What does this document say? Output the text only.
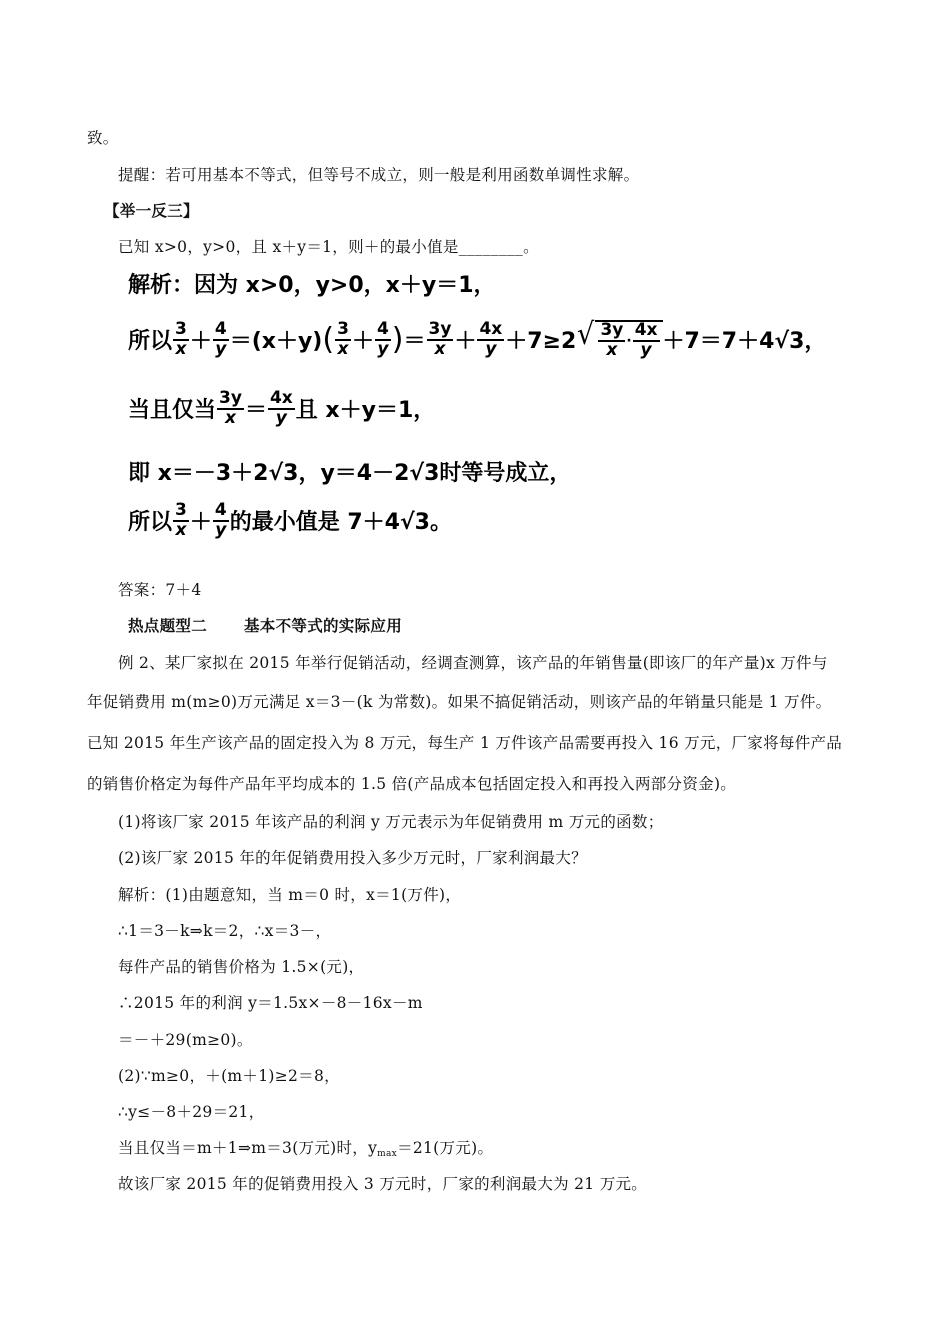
致。
提醒：若可用基本不等式，但等号不成立，则一般是利用函数单调性求解。
【举一反三】
已知 x>0，y>0，且 x＋y＝1，则＋的最小值是________。
解析：因为 x>0，y>0，x＋y＝1，
所以 $\frac{3}{x} + \frac{4}{y} =(x+y)$ ( $\frac{3}{x} + \frac{4}{y}$ ) ＝ $\frac{3y}{x} + \frac{4x}{y} +7\ge 2$ √ $\frac{3y}{x} \cdot \frac{4x}{y} +7=7+4√3$，
当且仅当 $\frac{3y}{x} = \frac{4x}{y}$ 且 x＋y＝1，
即 x＝－3＋2√3，y＝4－2√3时等号成立，
所以 $\frac{3}{x} + \frac{4}{y}$ 的最小值是 7＋4√3。
答案：7＋4
热点题型二 基本不等式的实际应用
例 2、某厂家拟在 2015 年举行促销活动，经调查测算，该产品的年销售量(即该厂的年产量)x 万件与
年促销费用 m(m≥0)万元满足 x＝3－(k 为常数)。如果不搞促销活动，则该产品的年销量只能是 1 万件。
已知 2015 年生产该产品的固定投入为 8 万元，每生产 1 万件该产品需要再投入 16 万元，厂家将每件产品
的销售价格定为每件产品年平均成本的 1.5 倍(产品成本包括固定投入和再投入两部分资金)。
(1)将该厂家 2015 年该产品的利润 y 万元表示为年促销费用 m 万元的函数；
(2)该厂家 2015 年的年促销费用投入多少万元时，厂家利润最大？
解析：(1)由题意知，当 m＝0 时，x＝1(万件)，
∴1＝3－k⇒k＝2，∴x＝3－，
每件产品的销售价格为 1.5×(元)，
∴2015 年的利润 y＝1.5x×－8－16x－m
＝－＋29(m≥0)。
(2)∵m≥0，＋(m＋1)≥2＝8，
∴y≤－8＋29＝21，
当且仅当＝m＋1⇒m＝3(万元)时，$y_{max}=21$(万元)。
故该厂家 2015 年的促销费用投入 3 万元时，厂家的利润最大为 21 万元。
